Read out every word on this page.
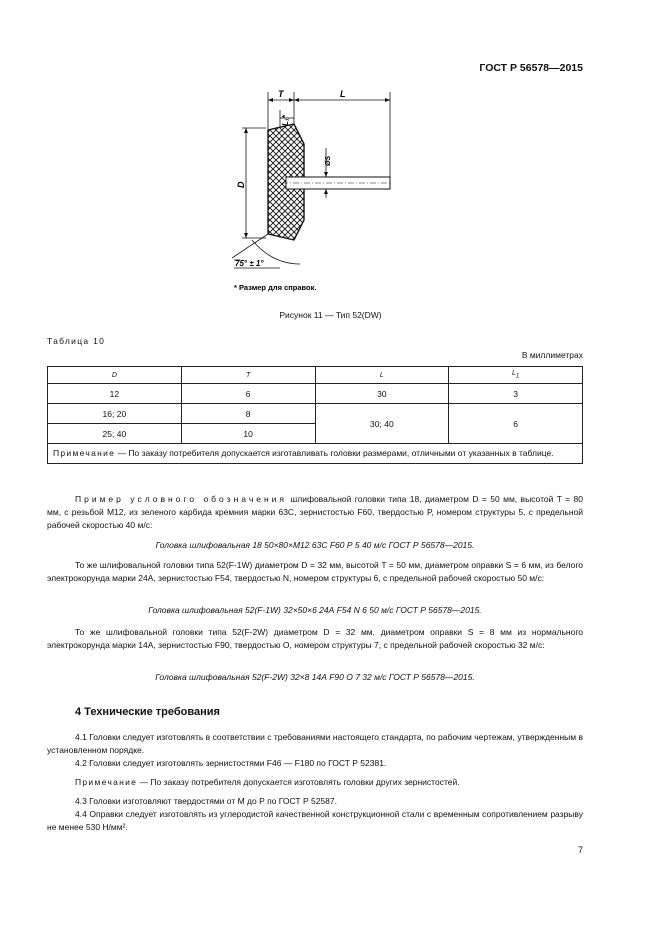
ГОСТ Р 56578—2015
T	L
L₁*
D
ØS
75° ± 1°
* Размер для справок.
Рисунок 11 — Тип 52(DW)
Таблица 10
В миллиметрах
D	T	L	$L_1$
12	6	30	3
16; 20	8	30; 40	6
25; 40	10		
Примечание — По заказу потребителя допускается изготавливать головки размерами, отличными от указанных в таблице.			
Пример условного обозначения шлифовальной головки типа 18, диаметром D = 50 мм, высотой T = 80 мм, с резьбой М12, из зеленого карбида кремния марки 63С, зернистостью F60, твердостью Р, номером структуры 5, с предельной рабочей скоростью 40 м/с:
Головка шлифовальная 18 50×80×М12 63С F60 Р 5 40 м/с ГОСТ Р 56578—2015.
То же шлифовальной головки типа 52(F-1W) диаметром D = 32 мм, высотой T = 50 мм, диаметром оправки S = 6 мм, из белого электрокорунда марки 24А, зернистостью F54, твердостью N, номером структуры 6, с предельной рабочей скоростью 50 м/с:
Головка шлифовальная 52(F-1W) 32×50×6 24А F54 N 6 50 м/с ГОСТ Р 56578—2015.
То же шлифовальной головки типа 52(F-2W) диаметром D = 32 мм, диаметром оправки S = 8 мм из нормального электрокорунда марки 14А, зернистостью F90, твердостью О, номером структуры 7, с предельной рабочей скоростью 32 м/с:
Головка шлифовальная 52(F-2W) 32×8 14А F90 О 7 32 м/с ГОСТ Р 56578—2015.
4 Технические требования
4.1 Головки следует изготовлять в соответствии с требованиями настоящего стандарта, по рабочим чертежам, утвержденным в установленном порядке.
4.2 Головки следует изготовлять зернистостями F46 — F180 по ГОСТ Р 52381.
Примечание — По заказу потребителя допускается изготовлять головки других зернистостей.
4.3 Головки изготовляют твердостями от М до Р по ГОСТ Р 52587.
4.4 Оправки следует изготовлять из углеродистой качественной конструкционной стали с временным сопротивлением разрыву не менее 530 Н/мм².
7
